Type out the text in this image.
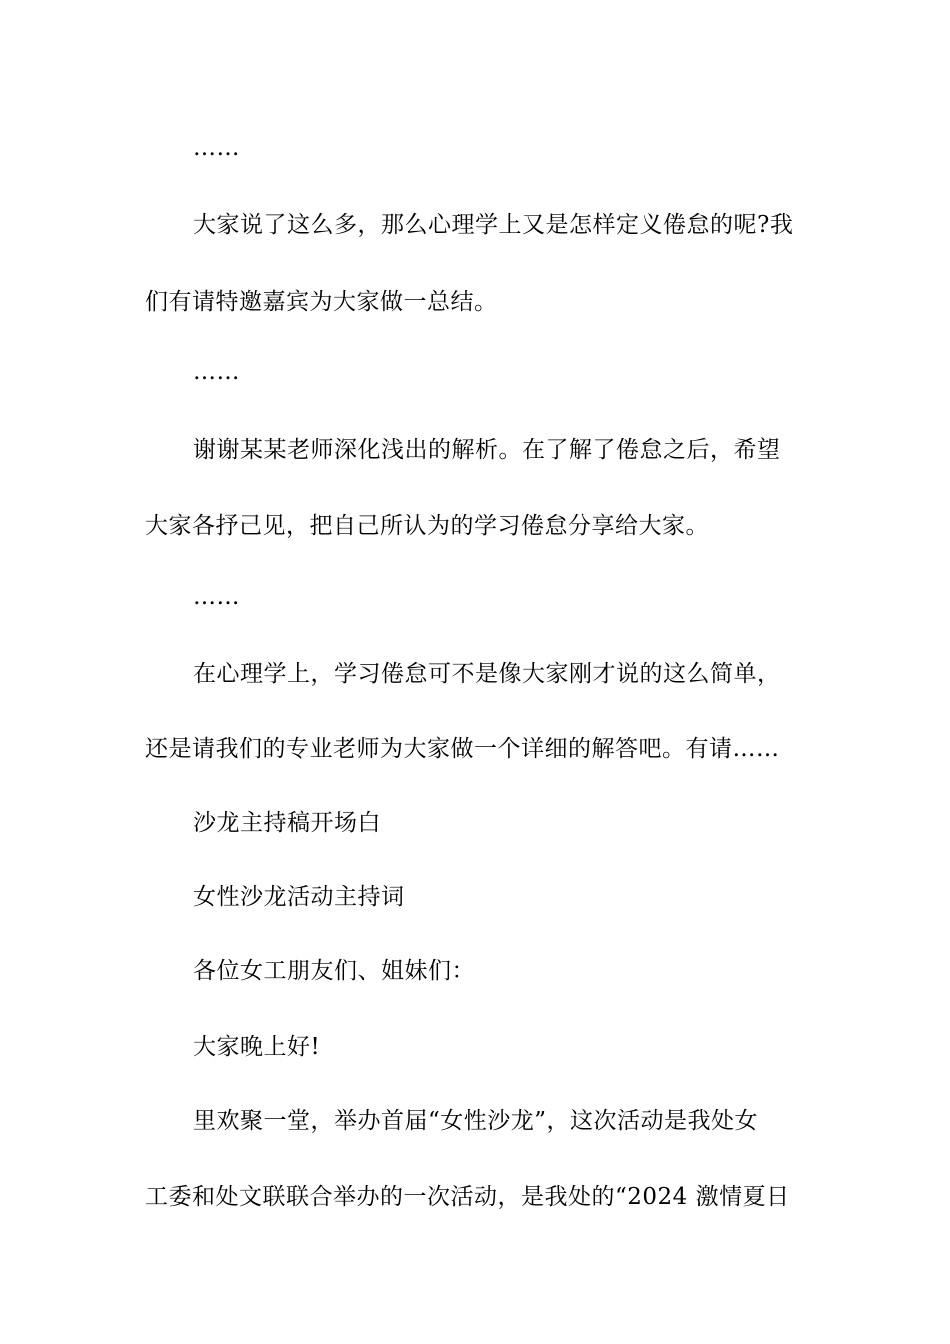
……
大家说了这么多，那么心理学上又是怎样定义倦怠的呢?我
们有请特邀嘉宾为大家做一总结。
……
谢谢某某老师深化浅出的解析。在了解了倦怠之后，希望
大家各抒己见，把自己所认为的学习倦怠分享给大家。
……
在心理学上，学习倦怠可不是像大家刚才说的这么简单，
还是请我们的专业老师为大家做一个详细的解答吧。有请……
沙龙主持稿开场白
女性沙龙活动主持词
各位女工朋友们、姐妹们：
大家晚上好!
里欢聚一堂，举办首届“女性沙龙”，这次活动是我处女
工委和处文联联合举办的一次活动，是我处的“2024 激情夏日
